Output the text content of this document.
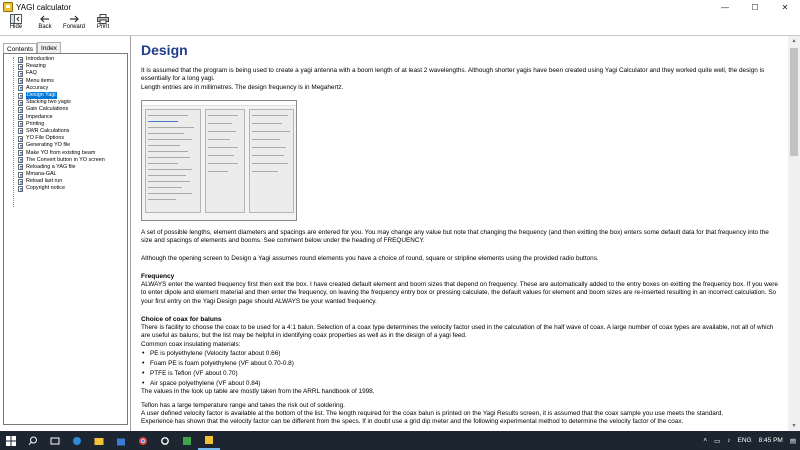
YAGI calculator	—	☐	✕
Hide	Back Forward Print
Contents	Index
Introduction
Reazing
FAQ
Menu items
Accuracy
Design Yagi
Stacking two yagis
Gain Calculations
Impedance
Printing
SWR Calculations
YO File Options
Generating YO file
Make YO from existing beam
The Convert button in YO screen
Reloading a YAG file
Mmana-GAL
Reload last run
Copyright notice
Design

It is assumed that the program is being used to create a yagi antenna with a boom length of at least 2 wavelengths. Although shorter yagis have been created using Yagi Calculator and they worked quite well, the design is essentially for a long yagi.

Length entries are in millimetres. The design frequency is in Megahertz.

A set of possible lengths, element diameters and spacings are entered for you. You may change any value but note that changing the frequency (and then exitting the box) enters some default data for that frequency into the size and spacings of elements and booms. See comment below under the heading of FREQUENCY.

Although the opening screen to Design a Yagi assumes round elements you have a choice of round, square or stripline elements using the provided radio buttons.

Frequency

ALWAYS enter the wanted frequency first then exit the box. I have created default element and boom sizes that depend on frequency. These are automatically added to the entry boxes on exitting the frequency box. If you were to enter dipole and element material and then enter the frequency, on leaving the frequency entry box or pressing calculate, the default values for element and boom sizes are re-inserted resulting in an incorrect calculation. So your first entry on the Yagi Design page should ALWAYS be your wanted frequency.

Choice of coax for baluns

There is facility to choose the coax to be used for a 4:1 balun. Selection of a coax type determines the velocity factor used in the calculation of the half wave of coax. A large number of coax types are available, not all of which are useful as baluns, but the list may be helpful in identifying coax properties as well as in the design of a yagi feed.

Common coax insulating materials:

• PE is polyethylene (Velocity factor about 0.66)
• Foam PE is foam polyethylene (VF about 0.70-0.8)
• PTFE is Teflon (VF about 0.70)
• Air space polyethylene (VF about 0.84)

The values in the look up table are mostly taken from the ARRL handbook of 1998.

Teflon has a large temperature range and takes the risk out of soldering.

A user defined velocity factor is available at the bottom of the list. The length required for the coax balun is printed on the Yagi Results screen, it is assumed that the coax sample you use meets the standard.

Experience has shown that the velocity factor can be different from the specs. If in doubt use a grid dip meter and the following experimental method to determine the velocity factor of the coax.

▲
▼
˄ ▭ ♪ ENG 8:45 PM ▤
